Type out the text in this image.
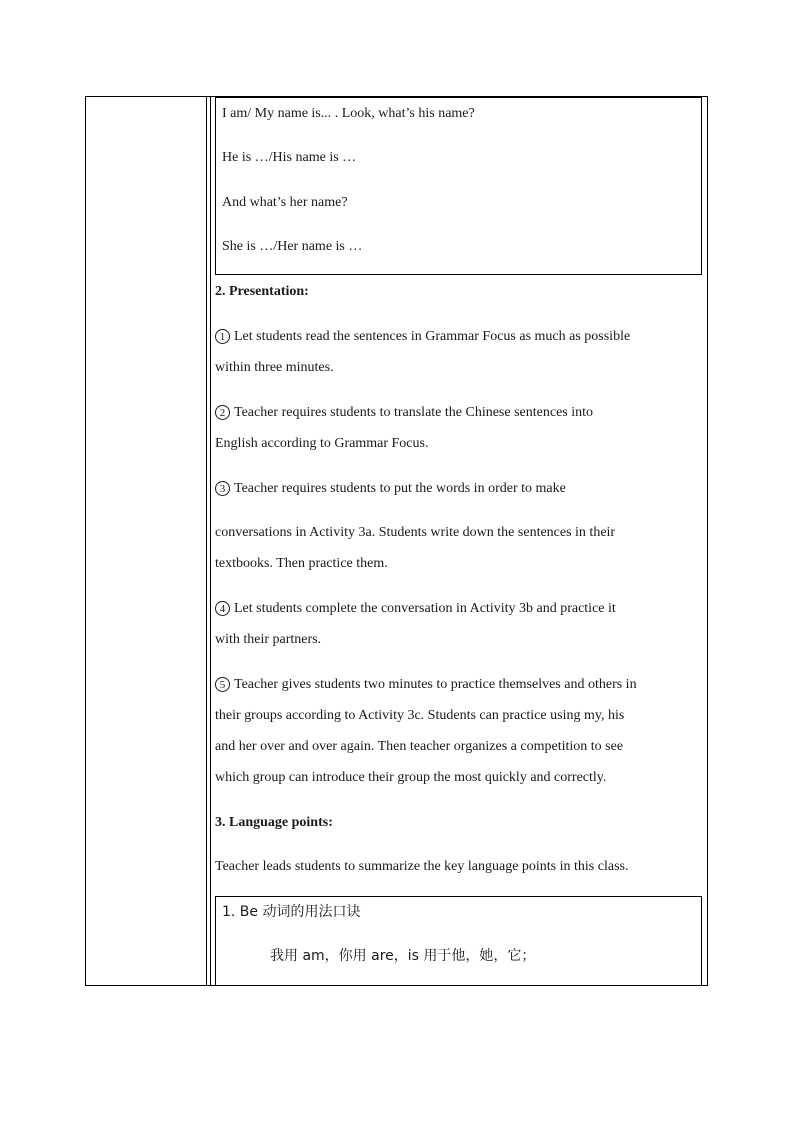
I am/ My name is... . Look, what’s his name?
He is …/His name is …
And what’s her name?
She is …/Her name is …
2. Presentation:
1 Let students read the sentences in Grammar Focus as much as possible
within three minutes.
2 Teacher requires students to translate the Chinese sentences into
English according to Grammar Focus.
3 Teacher requires students to put the words in order to make
conversations in Activity 3a. Students write down the sentences in their
textbooks. Then practice them.
4 Let students complete the conversation in Activity 3b and practice it
with their partners.
5 Teacher gives students two minutes to practice themselves and others in
their groups according to Activity 3c. Students can practice using my, his
and her over and over again. Then teacher organizes a competition to see
which group can introduce their group the most quickly and correctly.
3. Language points:
Teacher leads students to summarize the key language points in this class.
1. Be 动词的用法口诀
我用 am，你用 are，is 用于他，她，它；
